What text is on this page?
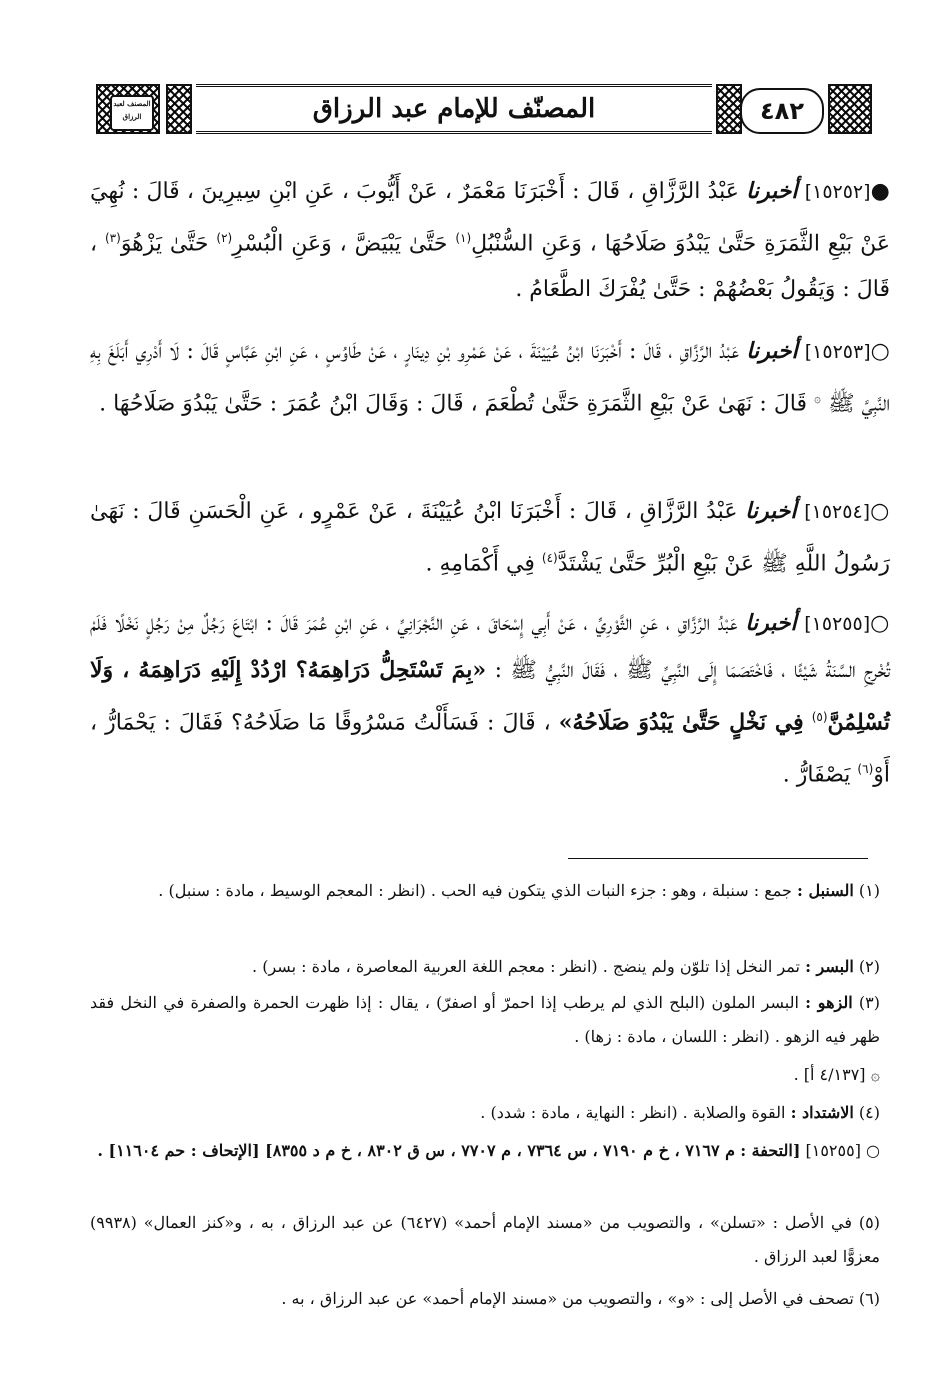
المصنف لعبد الرزاق	المصنّف للإمام عبد الرزاق	٤٨٢
●[١٥٢٥٢] أخبرنا عَبْدُ الرَّزَّاقِ ، قَالَ : أَخْبَرَنَا مَعْمَرٌ ، عَنْ أَيُّوبَ ، عَنِ ابْنِ سِيرِينَ ، قَالَ : نُهِيَ عَنْ بَيْعِ الثَّمَرَةِ حَتَّىٰ يَبْدُوَ صَلَاحُهَا ، وَعَنِ السُّنْبُلِ$^{(١)}$ حَتَّىٰ يَبْيَضَّ ، وَعَنِ الْبُسْرِ$^{(٢)}$ حَتَّىٰ يَزْهُوَ$^{(٣)}$ ، قَالَ : وَيَقُولُ بَعْضُهُمْ : حَتَّىٰ يُفْرَكَ الطَّعَامُ .
○[١٥٢٥٣] أخبرنا عَبْدُ الرَّزَّاقِ ، قَالَ : أَخْبَرَنَا ابْنُ عُيَيْنَةَ ، عَنْ عَمْرِو بْنِ دِينَارٍ ، عَنْ طَاوُسٍ ، عَنِ ابْنِ عَبَّاسٍ قَالَ : لَا أَدْرِي أَبَلَغَ بِهِ النَّبِيَّ ﷺ ۞ قَالَ : نَهَىٰ عَنْ بَيْعِ الثَّمَرَةِ حَتَّىٰ تُطْعَمَ ، قَالَ : وَقَالَ ابْنُ عُمَرَ : حَتَّىٰ يَبْدُوَ صَلَاحُهَا .
○[١٥٢٥٤] أخبرنا عَبْدُ الرَّزَّاقِ ، قَالَ : أَخْبَرَنَا ابْنُ عُيَيْنَةَ ، عَنْ عَمْرٍو ، عَنِ الْحَسَنِ قَالَ : نَهَىٰ رَسُولُ اللَّهِ ﷺ عَنْ بَيْعِ الْبُرِّ حَتَّىٰ يَشْتَدَّ$^{(٤)}$ فِي أَكْمَامِهِ .
○[١٥٢٥٥] أخبرنا عَبْدُ الرَّزَّاقِ ، عَنِ الثَّوْرِيِّ ، عَنْ أَبِي إِسْحَاقَ ، عَنِ النَّجْرَانِيِّ ، عَنِ ابْنِ عُمَرَ قَالَ : ابْتَاعَ رَجُلٌ مِنْ رَجُلٍ نَخْلًا فَلَمْ تُخْرِجِ السَّنَةُ شَيْئًا ، فَاخْتَصَمَا إِلَى النَّبِيِّ ﷺ ، فَقَالَ النَّبِيُّ ﷺ : «بِمَ تَسْتَحِلُّ دَرَاهِمَهُ؟ ارْدُدْ إِلَيْهِ دَرَاهِمَهُ ، وَلَا تُسْلِمُنَّ$^{(٥)}$ فِي نَخْلٍ حَتَّىٰ يَبْدُوَ صَلَاحُهُ» ، قَالَ : فَسَأَلْتُ مَسْرُوقًا مَا صَلَاحُهُ؟ فَقَالَ : يَحْمَارُّ ، أَوْ$^{(٦)}$ يَصْفَارُّ .
(١) السنبل : جمع : سنبلة ، وهو : جزء النبات الذي يتكون فيه الحب . (انظر : المعجم الوسيط ، مادة : سنبل) .
(٢) البسر : تمر النخل إذا تلوّن ولم ينضج . (انظر : معجم اللغة العربية المعاصرة ، مادة : بسر) .
(٣) الزهو : البسر الملون (البلح الذي لم يرطب إذا احمرّ أو اصفرّ) ، يقال : إذا ظهرت الحمرة والصفرة في النخل فقد ظهر فيه الزهو . (انظر : اللسان ، مادة : زها) .
۞ [٤/١٣٧ أ] .
(٤) الاشتداد : القوة والصلابة . (انظر : النهاية ، مادة : شدد) .
○ [١٥٢٥٥] [التحفة : م ٧١٦٧ ، خ م ٧١٩٠ ، س ٧٣٦٤ ، م ٧٧٠٧ ، س ق ٨٣٠٢ ، خ م د ٨٣٥٥] [الإتحاف : حم ١١٦٠٤] .
(٥) في الأصل : «تسلن» ، والتصويب من «مسند الإمام أحمد» (٦٤٢٧) عن عبد الرزاق ، به ، و«كنز العمال» (٩٩٣٨) معزوًّا لعبد الرزاق .
(٦) تصحف في الأصل إلى : «و» ، والتصويب من «مسند الإمام أحمد» عن عبد الرزاق ، به .
